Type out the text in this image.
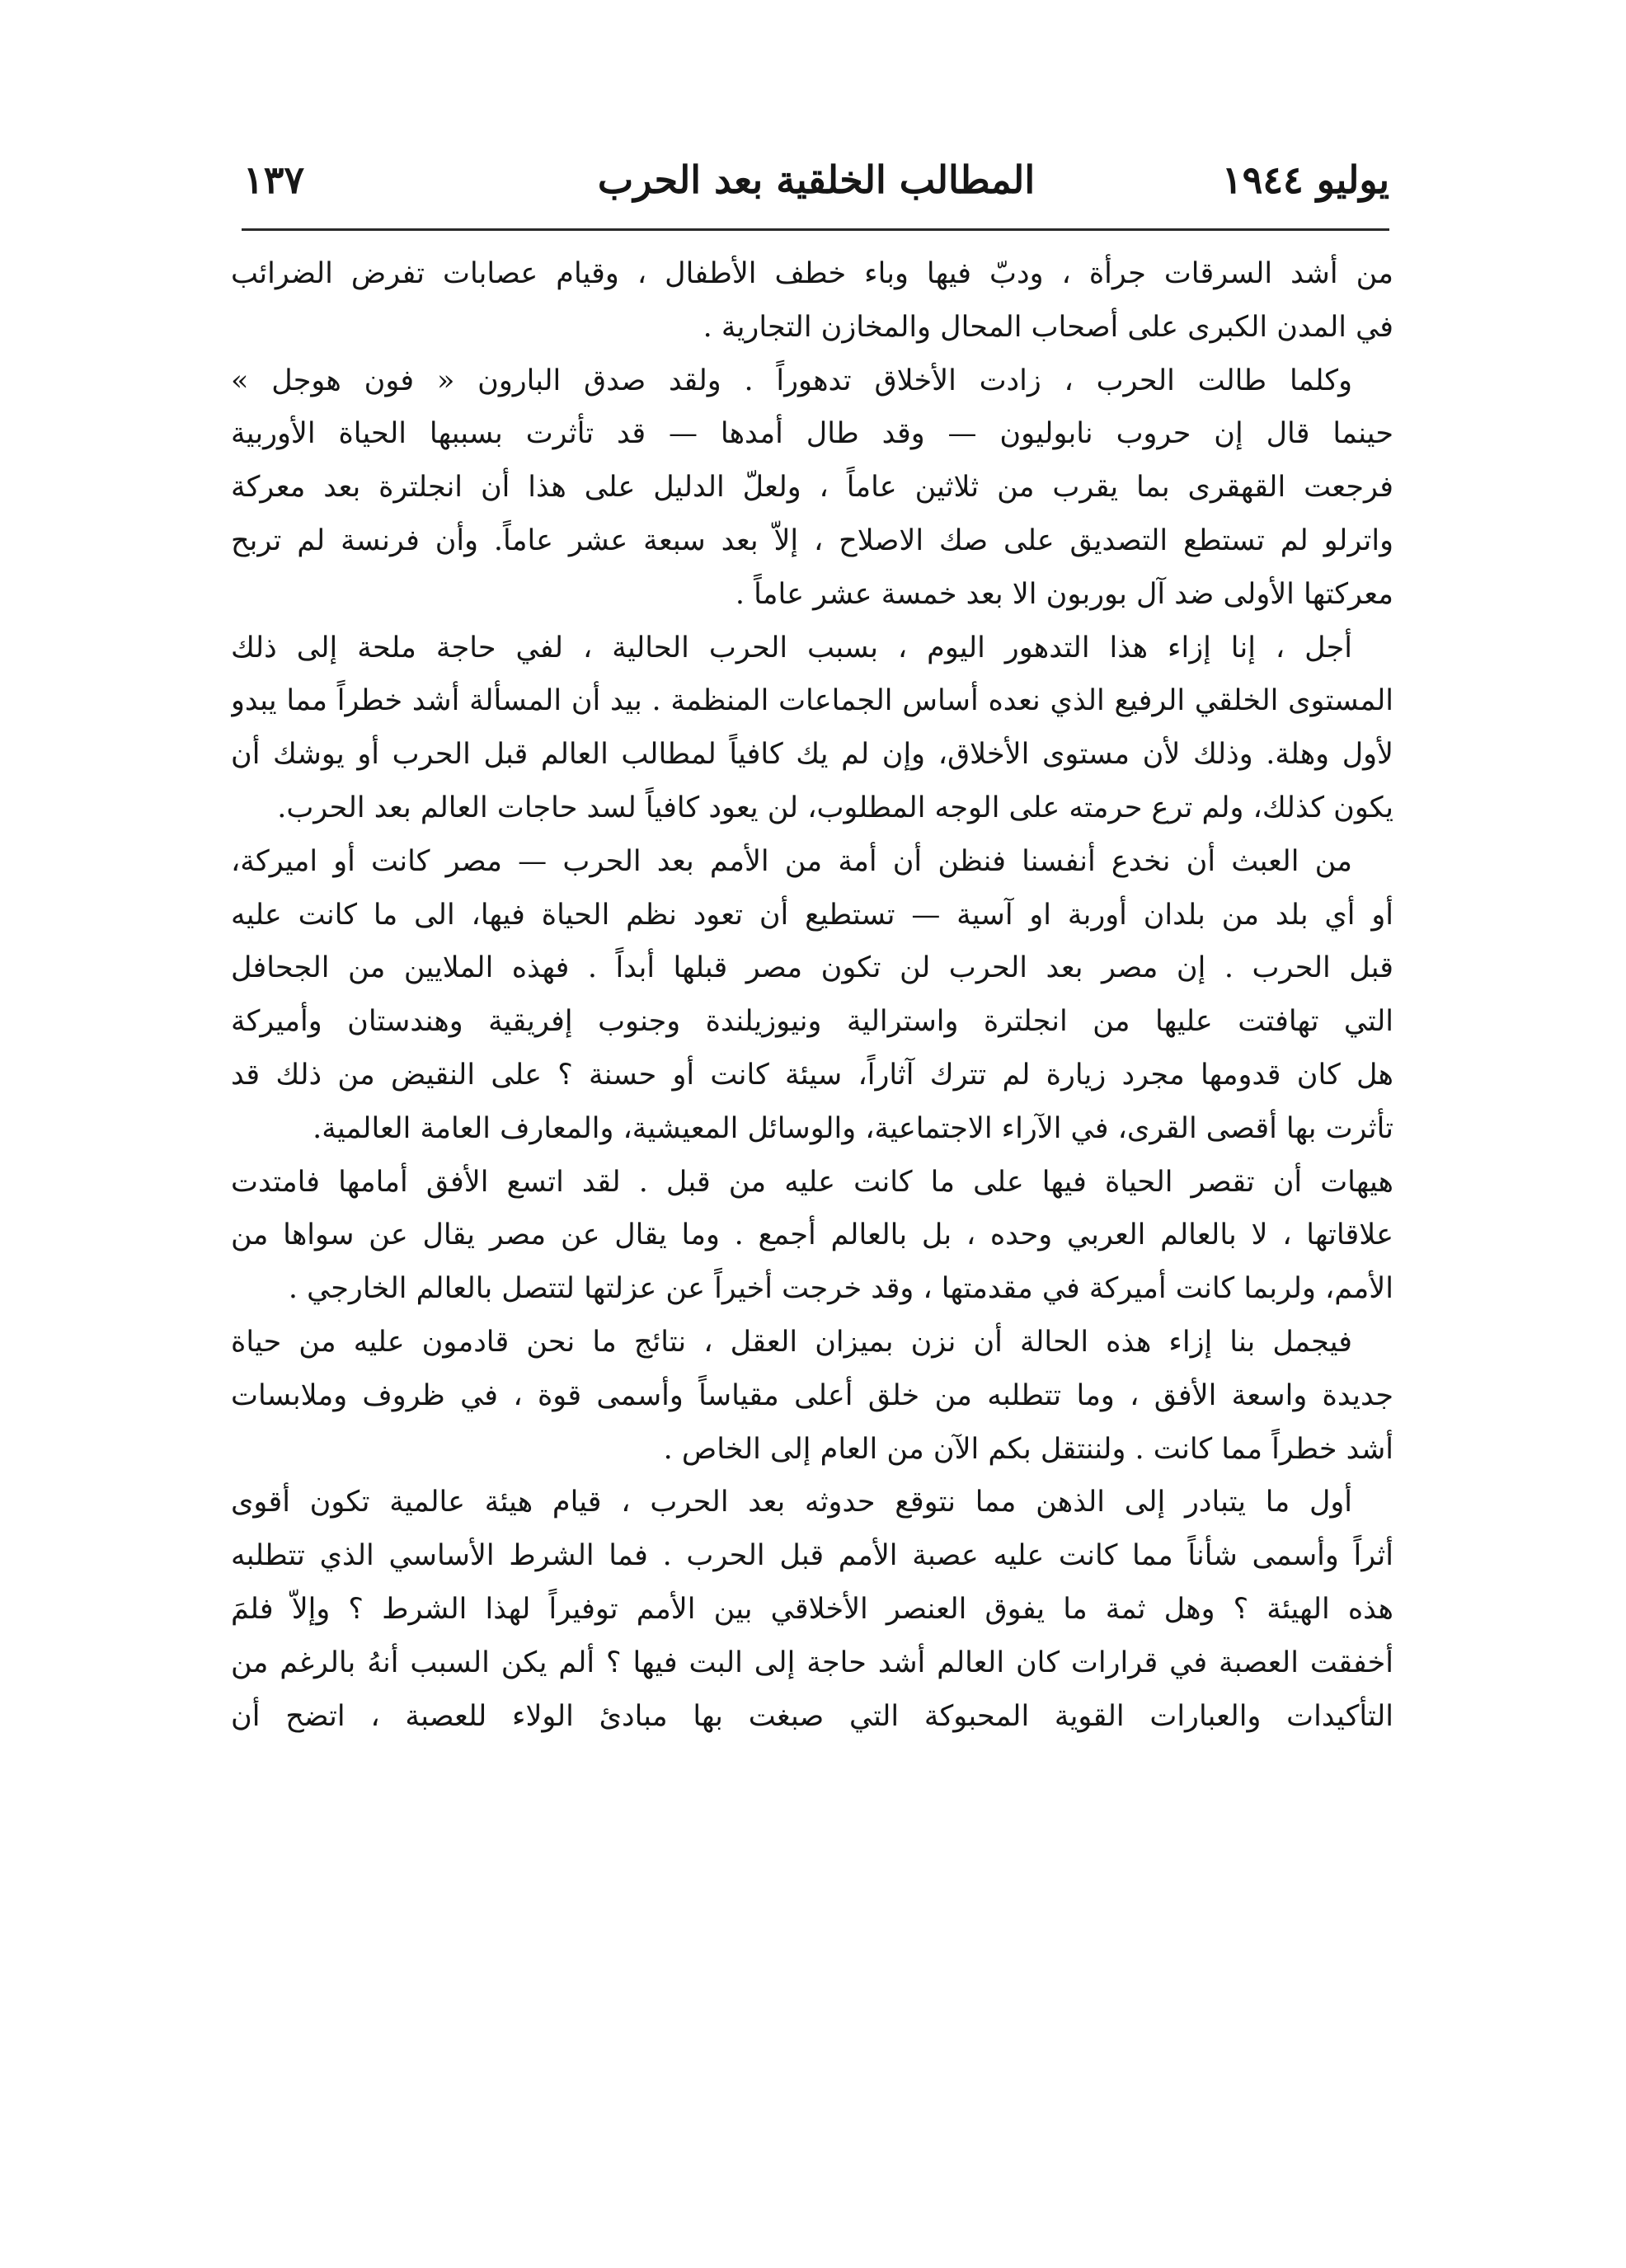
يوليو ١٩٤٤
المطالب الخلقية بعد الحرب
١٣٧
من أشد السرقات جرأة ، ودبّ فيها وباء خطف الأطفال ، وقيام عصابات تفرض الضرائب
في المدن الكبرى على أصحاب المحال والمخازن التجارية .
وكلما طالت الحرب ، زادت الأخلاق تدهوراً . ولقد صدق البارون « فون هوجل »
حينما قال إن حروب نابوليون — وقد طال أمدها — قد تأثرت بسببها الحياة الأوربية
فرجعت القهقرى بما يقرب من ثلاثين عاماً ، ولعلّ الدليل على هذا أن انجلترة بعد معركة
واترلو لم تستطع التصديق على صك الاصلاح ، إلاّ بعد سبعة عشر عاماً. وأن فرنسة لم تربح
معركتها الأولى ضد آل بوربون الا بعد خمسة عشر عاماً .
أجل ، إنا إزاء هذا التدهور اليوم ، بسبب الحرب الحالية ، لفي حاجة ملحة إلى ذلك
المستوى الخلقي الرفيع الذي نعده أساس الجماعات المنظمة . بيد أن المسألة أشد خطراً مما يبدو
لأول وهلة. وذلك لأن مستوى الأخلاق، وإن لم يك كافياً لمطالب العالم قبل الحرب أو يوشك أن
يكون كذلك، ولم ترع حرمته على الوجه المطلوب، لن يعود كافياً لسد حاجات العالم بعد الحرب.
من العبث أن نخدع أنفسنا فنظن أن أمة من الأمم بعد الحرب — مصر كانت أو اميركة،
أو أي بلد من بلدان أوربة او آسية — تستطيع أن تعود نظم الحياة فيها، الى ما كانت عليه
قبل الحرب . إن مصر بعد الحرب لن تكون مصر قبلها أبداً . فهذه الملايين من الجحافل
التي تهافتت عليها من انجلترة واسترالية ونيوزيلندة وجنوب إفريقية وهندستان وأميركة
هل كان قدومها مجرد زيارة لم تترك آثاراً، سيئة كانت أو حسنة ؟ على النقيض من ذلك قد
تأثرت بها أقصى القرى، في الآراء الاجتماعية، والوسائل المعيشية، والمعارف العامة العالمية.
هيهات أن تقصر الحياة فيها على ما كانت عليه من قبل . لقد اتسع الأفق أمامها فامتدت
علاقاتها ، لا بالعالم العربي وحده ، بل بالعالم أجمع . وما يقال عن مصر يقال عن سواها من
الأمم، ولربما كانت أميركة في مقدمتها ، وقد خرجت أخيراً عن عزلتها لتتصل بالعالم الخارجي .
فيجمل بنا إزاء هذه الحالة أن نزن بميزان العقل ، نتائج ما نحن قادمون عليه من حياة
جديدة واسعة الأفق ، وما تتطلبه من خلق أعلى مقياساً وأسمى قوة ، في ظروف وملابسات
أشد خطراً مما كانت . ولننتقل بكم الآن من العام إلى الخاص .
أول ما يتبادر إلى الذهن مما نتوقع حدوثه بعد الحرب ، قيام هيئة عالمية تكون أقوى
أثراً وأسمى شأناً مما كانت عليه عصبة الأمم قبل الحرب . فما الشرط الأساسي الذي تتطلبه
هذه الهيئة ؟ وهل ثمة ما يفوق العنصر الأخلاقي بين الأمم توفيراً لهذا الشرط ؟ وإلاّ فلمَ
أخفقت العصبة في قرارات كان العالم أشد حاجة إلى البت فيها ؟ ألم يكن السبب أنهُ بالرغم من
التأكيدات والعبارات القوية المحبوكة التي صبغت بها مبادئ الولاء للعصبة ، اتضح أن
